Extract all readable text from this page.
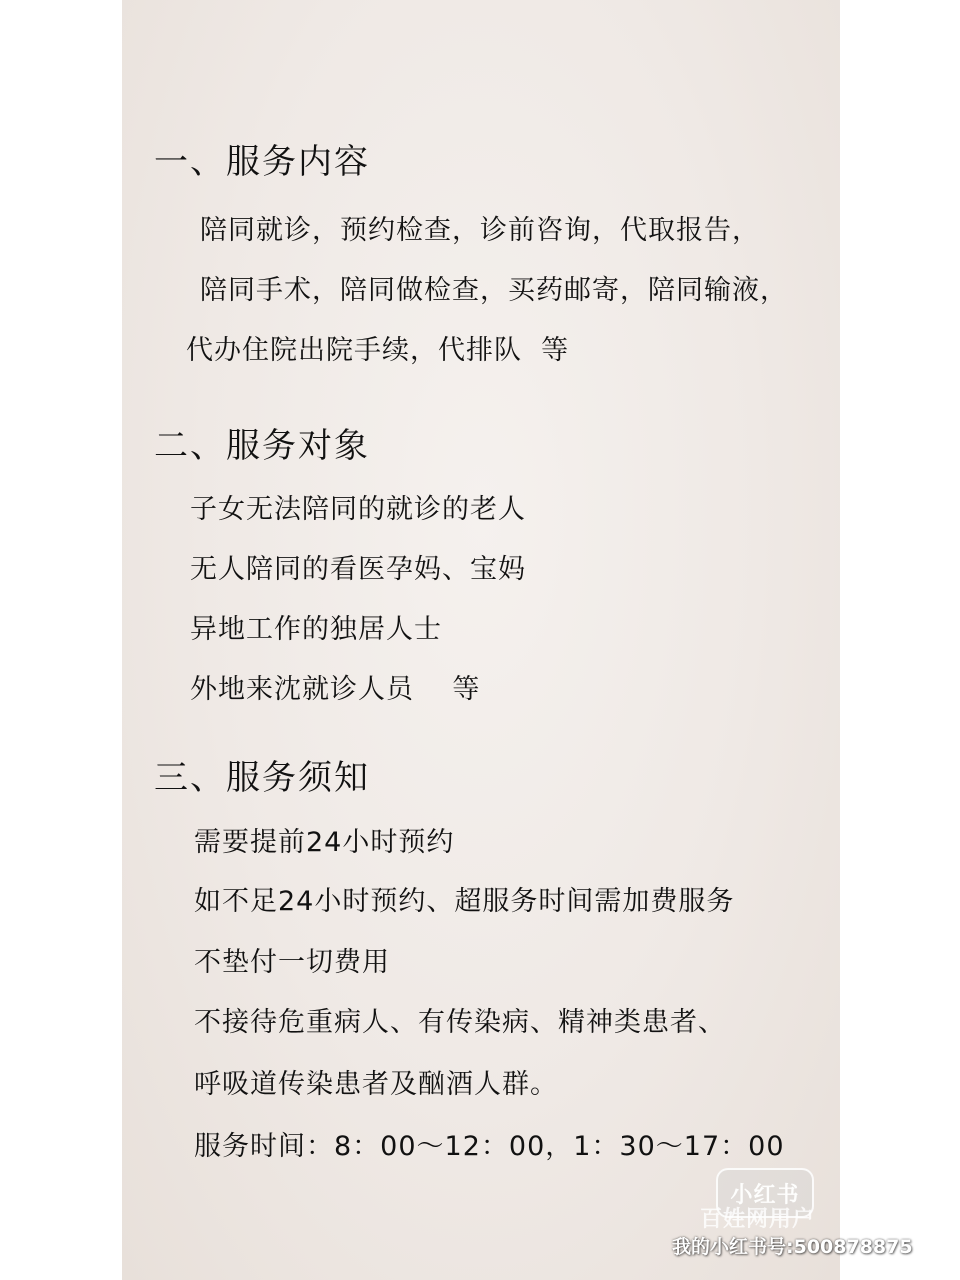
一、服务内容
陪同就诊，预约检查，诊前咨询，代取报告，
陪同手术，陪同做检查，买药邮寄，陪同输液，
代办住院出院手续，代排队  等
二、服务对象
子女无法陪同的就诊的老人
无人陪同的看医孕妈、宝妈
异地工作的独居人士
外地来沈就诊人员    等
三、服务须知
需要提前24小时预约
如不足24小时预约、超服务时间需加费服务
不垫付一切费用
不接待危重病人、有传染病、精神类患者、
呼吸道传染患者及酗酒人群。
服务时间：8：00～12：00，1：30～17：00
小红书
百姓网用户
我的小红书号:500878875
